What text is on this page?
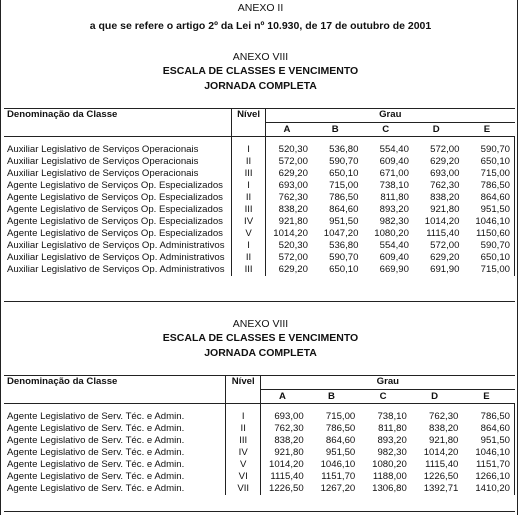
ANEXO II
a que se refere o artigo 2º da Lei nº 10.930, de 17 de outubro de 2001
ANEXO VIII
ESCALA DE CLASSES E VENCIMENTO
JORNADA COMPLETA
Denominação da Classe	Nível	Grau				
		A	B	C	D	E

Auxiliar Legislativo de Serviços Operacionais	I	520,30	536,80	554,40	572,00	590,70
Auxiliar Legislativo de Serviços Operacionais	II	572,00	590,70	609,40	629,20	650,10
Auxiliar Legislativo de Serviços Operacionais	III	629,20	650,10	671,00	693,00	715,00
Agente Legislativo de Serviços Op. Especializados	I	693,00	715,00	738,10	762,30	786,50
Agente Legislativo de Serviços Op. Especializados	II	762,30	786,50	811,80	838,20	864,60
Agente Legislativo de Serviços Op. Especializados	III	838,20	864,60	893,20	921,80	951,50
Agente Legislativo de Serviços Op. Especializados	IV	921,80	951,50	982,30	1014,20	1046,10
Agente Legislativo de Serviços Op. Especializados	V	1014,20	1047,20	1080,20	1115,40	1150,60
Auxiliar Legislativo de Serviços Op. Administrativos	I	520,30	536,80	554,40	572,00	590,70
Auxiliar Legislativo de Serviços Op. Administrativos	II	572,00	590,70	609,40	629,20	650,10
Auxiliar Legislativo de Serviços Op. Administrativos	III	629,20	650,10	669,90	691,90	715,00
ANEXO VIII
ESCALA DE CLASSES E VENCIMENTO
JORNADA COMPLETA
Denominação da Classe	Nível	Grau				
		A	B	C	D	E

Agente Legislativo de Serv. Téc. e Admin.	I	693,00	715,00	738,10	762,30	786,50
Agente Legislativo de Serv. Téc. e Admin.	II	762,30	786,50	811,80	838,20	864,60
Agente Legislativo de Serv. Téc. e Admin.	III	838,20	864,60	893,20	921,80	951,50
Agente Legislativo de Serv. Téc. e Admin.	IV	921,80	951,50	982,30	1014,20	1046,10
Agente Legislativo de Serv. Téc. e Admin.	V	1014,20	1046,10	1080,20	1115,40	1151,70
Agente Legislativo de Serv. Téc. e Admin.	VI	1115,40	1151,70	1188,00	1226,50	1266,10
Agente Legislativo de Serv. Téc. e Admin.	VII	1226,50	1267,20	1306,80	1392,71	1410,20
